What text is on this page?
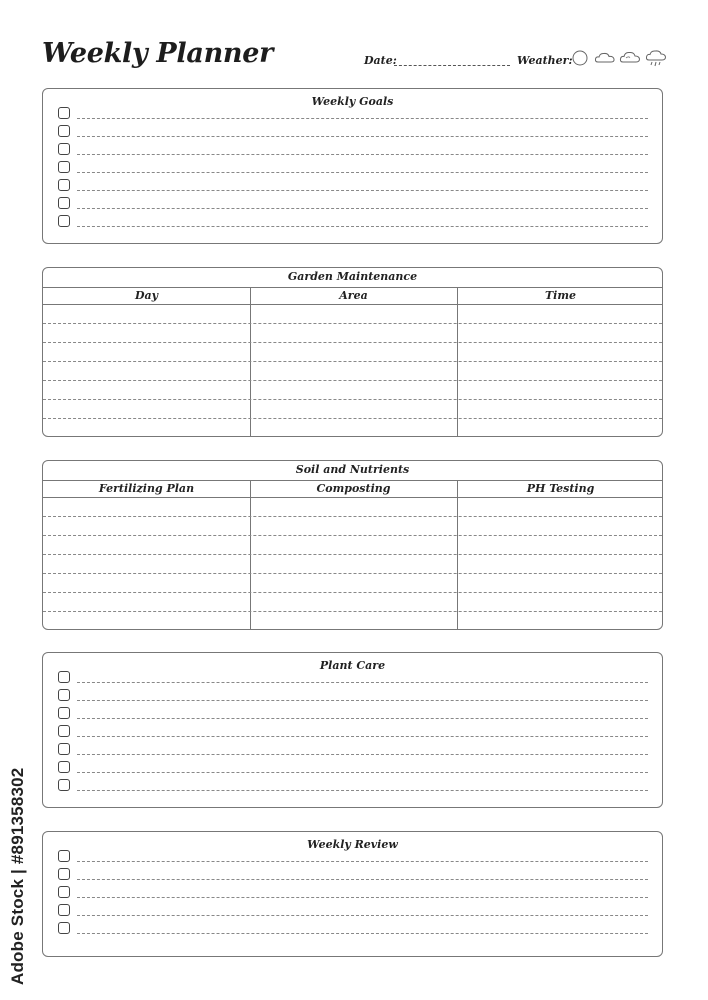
Weekly Planner	Date:	Weather:
Weekly Goals
Garden Maintenance
Day	Area	Time
Soil and Nutrients
Fertilizing Plan	Composting	PH Testing
Plant Care
Weekly Review
Adobe Stock | #891358302
